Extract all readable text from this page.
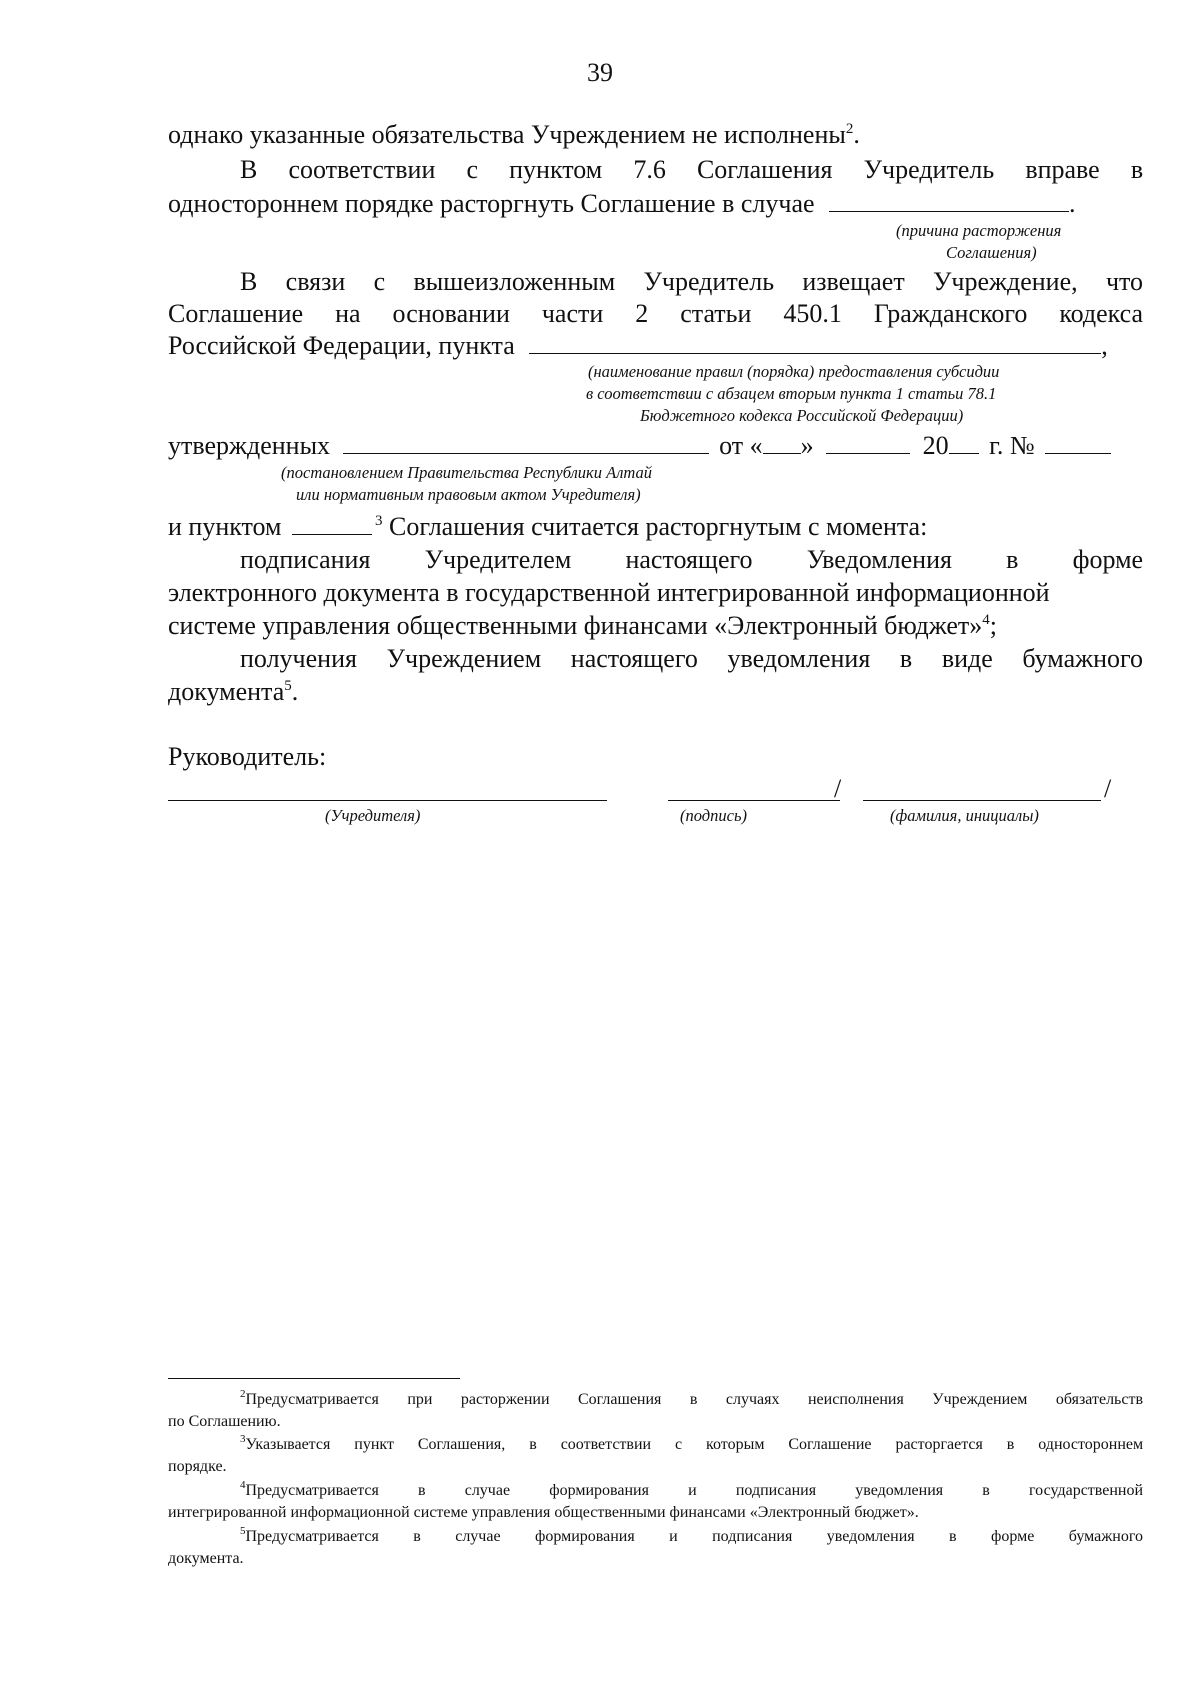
39
однако указанные обязательства Учреждением не исполнены$^2$.
В соответствии с пунктом 7.6 Соглашения Учредитель вправе в
одностороннем порядке расторгнуть Соглашение в случае	.
(причина расторжения
Соглашения)
В связи с вышеизложенным Учредитель извещает Учреждение, что
Соглашение на основании части 2 статьи 450.1 Гражданского кодекса
Российской Федерации, пункта	,
(наименование правил (порядка) предоставления субсидии
в соответствии с абзацем вторым пункта 1 статьи 78.1
Бюджетного кодекса Российской Федерации)
утвержденных	от « »	20 г. №
(постановлением Правительства Республики Алтай
или нормативным правовым актом Учредителя)
и пунктом	$^3$ Соглашения считается расторгнутым с момента:
подписания Учредителем настоящего Уведомления в форме
электронного документа в государственной интегрированной информационной
системе управления общественными финансами «Электронный бюджет»$^4$;
получения Учреждением настоящего уведомления в виде бумажного
документа$^5$.
Руководитель:
(Учредителя)
/
(подпись)
/
(фамилия, инициалы)
$^2$Предусматривается при расторжении Соглашения в случаях неисполнения Учреждением обязательств
по Соглашению.
$^3$Указывается пункт Соглашения, в соответствии с которым Соглашение расторгается в одностороннем
порядке.
$^4$Предусматривается в случае формирования и подписания уведомления в государственной
интегрированной информационной системе управления общественными финансами «Электронный бюджет».
$^5$Предусматривается в случае формирования и подписания уведомления в форме бумажного
документа.
